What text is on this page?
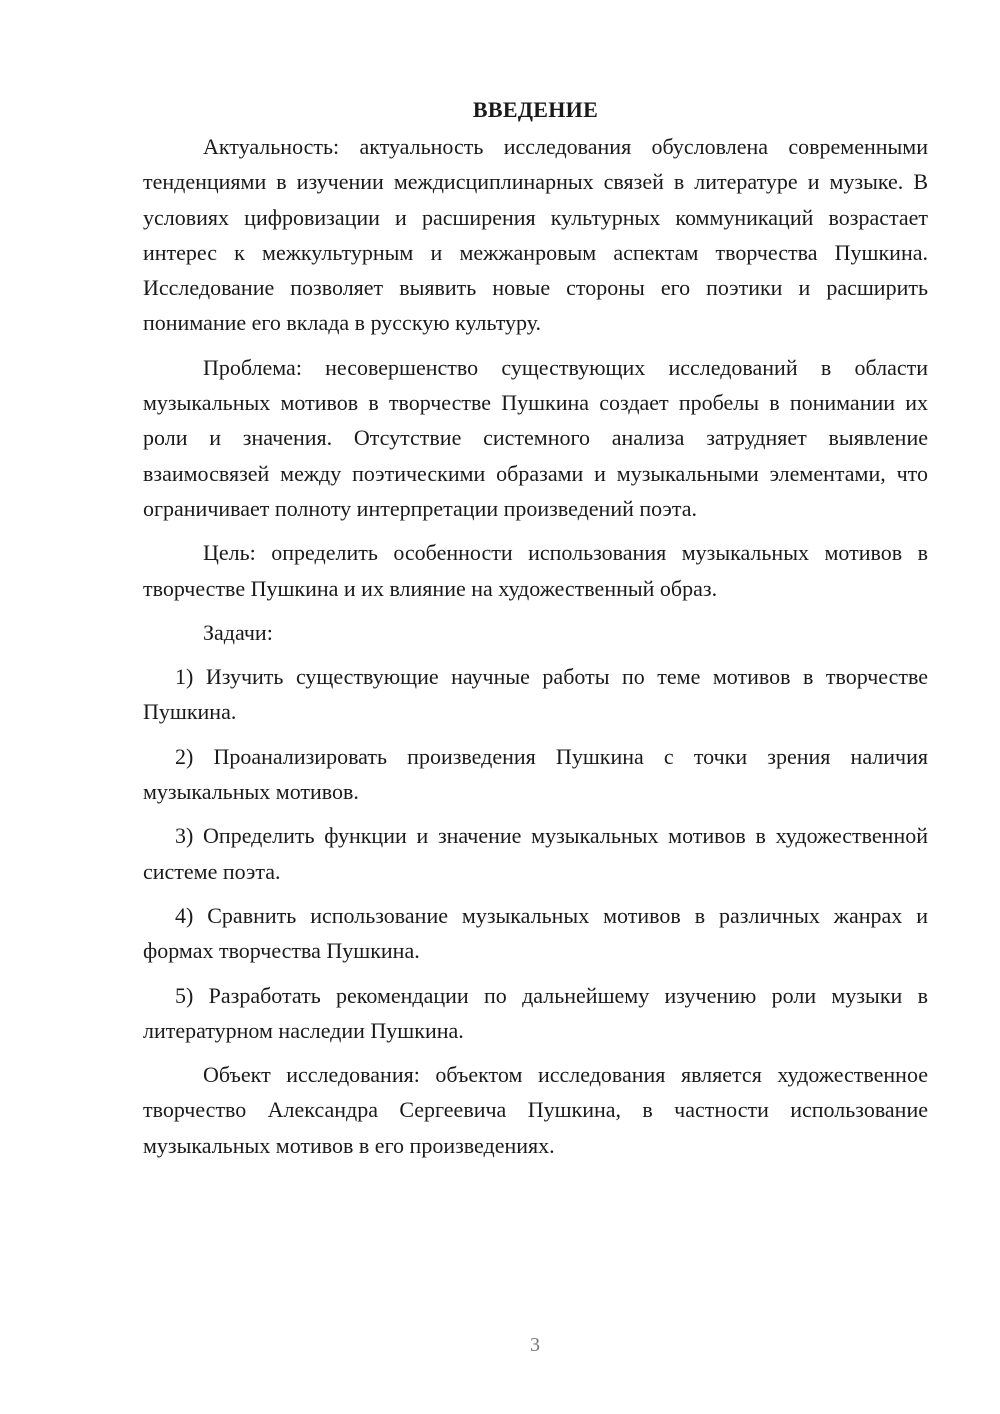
ВВЕДЕНИЕ

Актуальность: актуальность исследования обусловлена современными тенденциями в изучении междисциплинарных связей в литературе и музыке. В условиях цифровизации и расширения культурных коммуникаций возрастает интерес к межкультурным и межжанровым аспектам творчества Пушкина. Исследование позволяет выявить новые стороны его поэтики и расширить понимание его вклада в русскую культуру.

Проблема: несовершенство существующих исследований в области музыкальных мотивов в творчестве Пушкина создает пробелы в понимании их роли и значения. Отсутствие системного анализа затрудняет выявление взаимосвязей между поэтическими образами и музыкальными элементами, что ограничивает полноту интерпретации произведений поэта.

Цель: определить особенности использования музыкальных мотивов в творчестве Пушкина и их влияние на художественный образ.

Задачи:

1) Изучить существующие научные работы по теме мотивов в творчестве Пушкина.

2) Проанализировать произведения Пушкина с точки зрения наличия музыкальных мотивов.

3) Определить функции и значение музыкальных мотивов в художественной системе поэта.

4) Сравнить использование музыкальных мотивов в различных жанрах и формах творчества Пушкина.

5) Разработать рекомендации по дальнейшему изучению роли музыки в литературном наследии Пушкина.

Объект исследования: объектом исследования является художественное творчество Александра Сергеевича Пушкина, в частности использование музыкальных мотивов в его произведениях.

3
